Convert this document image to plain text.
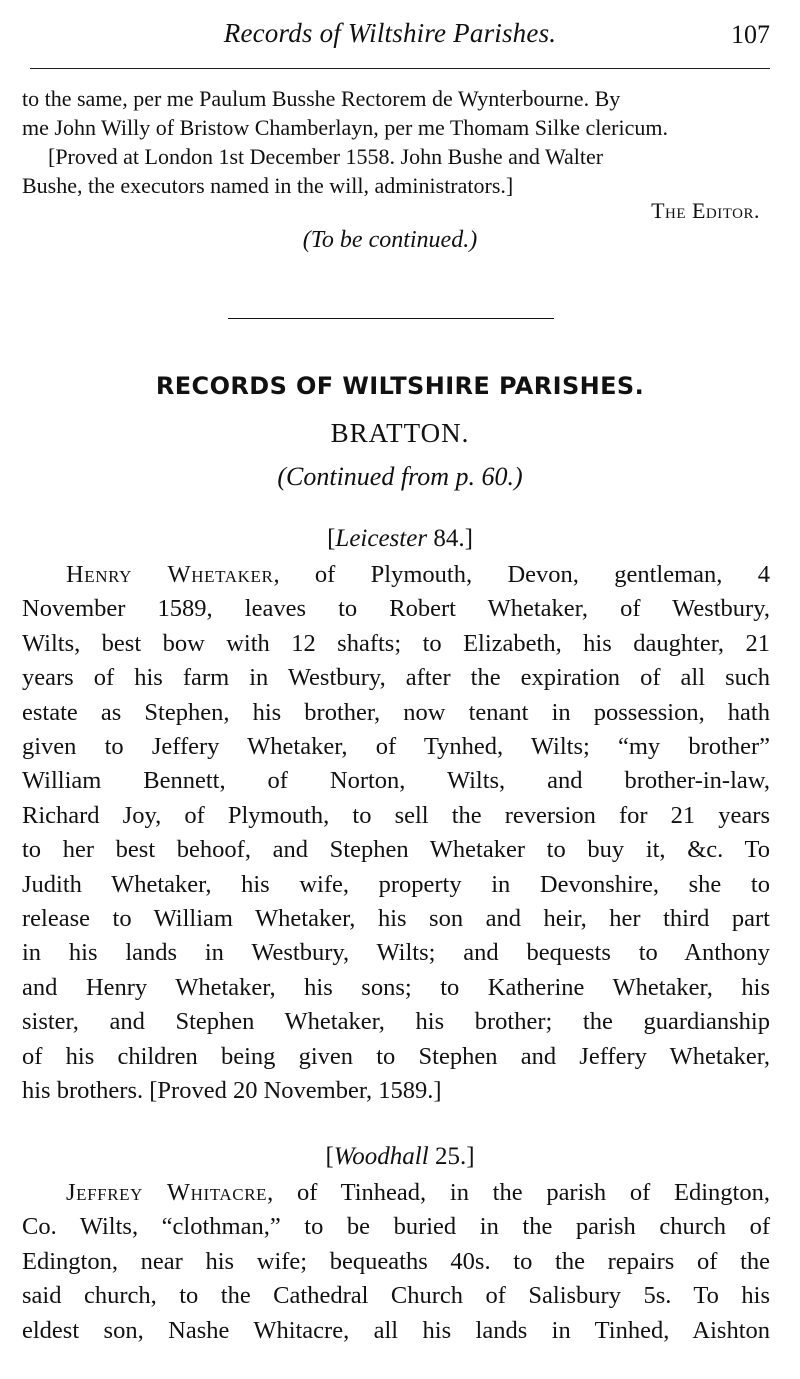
Records of Wiltshire Parishes.	107

to the same, per me Paulum Busshe Rectorem de Wynterbourne. By

me John Willy of Bristow Chamberlayn, per me Thomam Silke clericum.

[Proved at London 1st December 1558. John Bushe and Walter

Bushe, the executors named in the will, administrators.]

The Editor.
(To be continued.)
RECORDS OF WILTSHIRE PARISHES.
BRATTON.
(Continued from p. 60.)
[Leicester 84.]
Henry Whetaker, of Plymouth, Devon, gentleman, 4
November 1589, leaves to Robert Whetaker, of Westbury,
Wilts, best bow with 12 shafts; to Elizabeth, his daughter, 21
years of his farm in Westbury, after the expiration of all such
estate as Stephen, his brother, now tenant in possession, hath
given to Jeffery Whetaker, of Tynhed, Wilts; “my brother”
William Bennett, of Norton, Wilts, and brother-in-law,
Richard Joy, of Plymouth, to sell the reversion for 21 years
to her best behoof, and Stephen Whetaker to buy it, &c. To
Judith Whetaker, his wife, property in Devonshire, she to
release to William Whetaker, his son and heir, her third part
in his lands in Westbury, Wilts; and bequests to Anthony
and Henry Whetaker, his sons; to Katherine Whetaker, his
sister, and Stephen Whetaker, his brother; the guardianship
of his children being given to Stephen and Jeffery Whetaker,
his brothers. [Proved 20 November, 1589.]
[Woodhall 25.]
Jeffrey Whitacre, of Tinhead, in the parish of Edington,
Co. Wilts, “clothman,” to be buried in the parish church of
Edington, near his wife; bequeaths 40s. to the repairs of the
said church, to the Cathedral Church of Salisbury 5s. To his
eldest son, Nashe Whitacre, all his lands in Tinhed, Aishton
